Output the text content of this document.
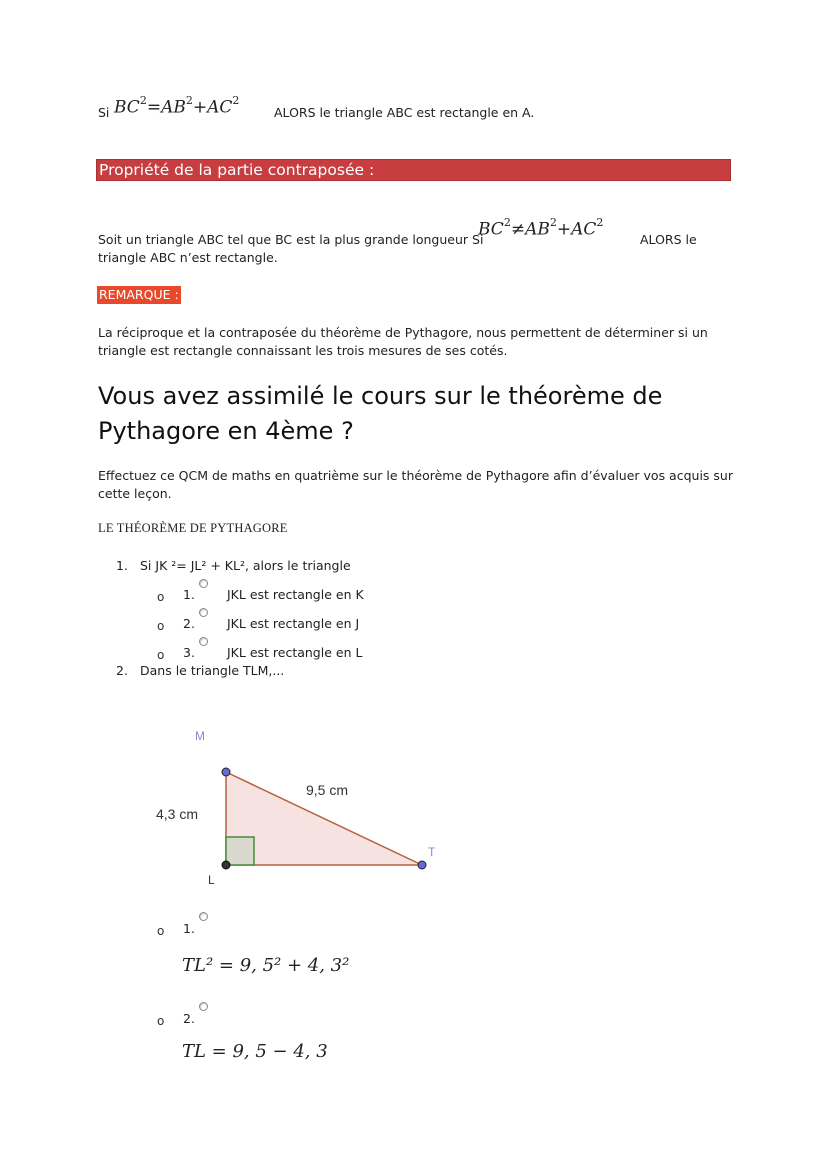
Si $BC^2=AB^2+AC^2$
ALORS le triangle ABC est rectangle en A.
Propriété de la partie contraposée :
Soit un triangle ABC tel que BC est la plus grande longueur Si
$BC^2\ne AB^2+AC^2$
ALORS le
triangle ABC n’est rectangle.
REMARQUE :
La réciproque et la contraposée du théorème de Pythagore, nous permettent de déterminer si un
triangle est rectangle connaissant les trois mesures de ses cotés.
Vous avez assimilé le cours sur le théorème de
Pythagore en 4ème ?
Effectuez ce QCM de maths en quatrième sur le théorème de Pythagore afin d’évaluer vos acquis sur
cette leçon.
LE THÉORÈME DE PYTHAGORE
1. Si JK ²= JL² + KL², alors le triangle
o 1.	JKL est rectangle en K
o 2.	JKL est rectangle en J
o 3.	JKL est rectangle en L
2. Dans le triangle TLM,...
M
L
T
4,3 cm
9,5 cm
o 1.
TL² = 9, 5² + 4, 3²
o 2.
TL = 9, 5 − 4, 3
